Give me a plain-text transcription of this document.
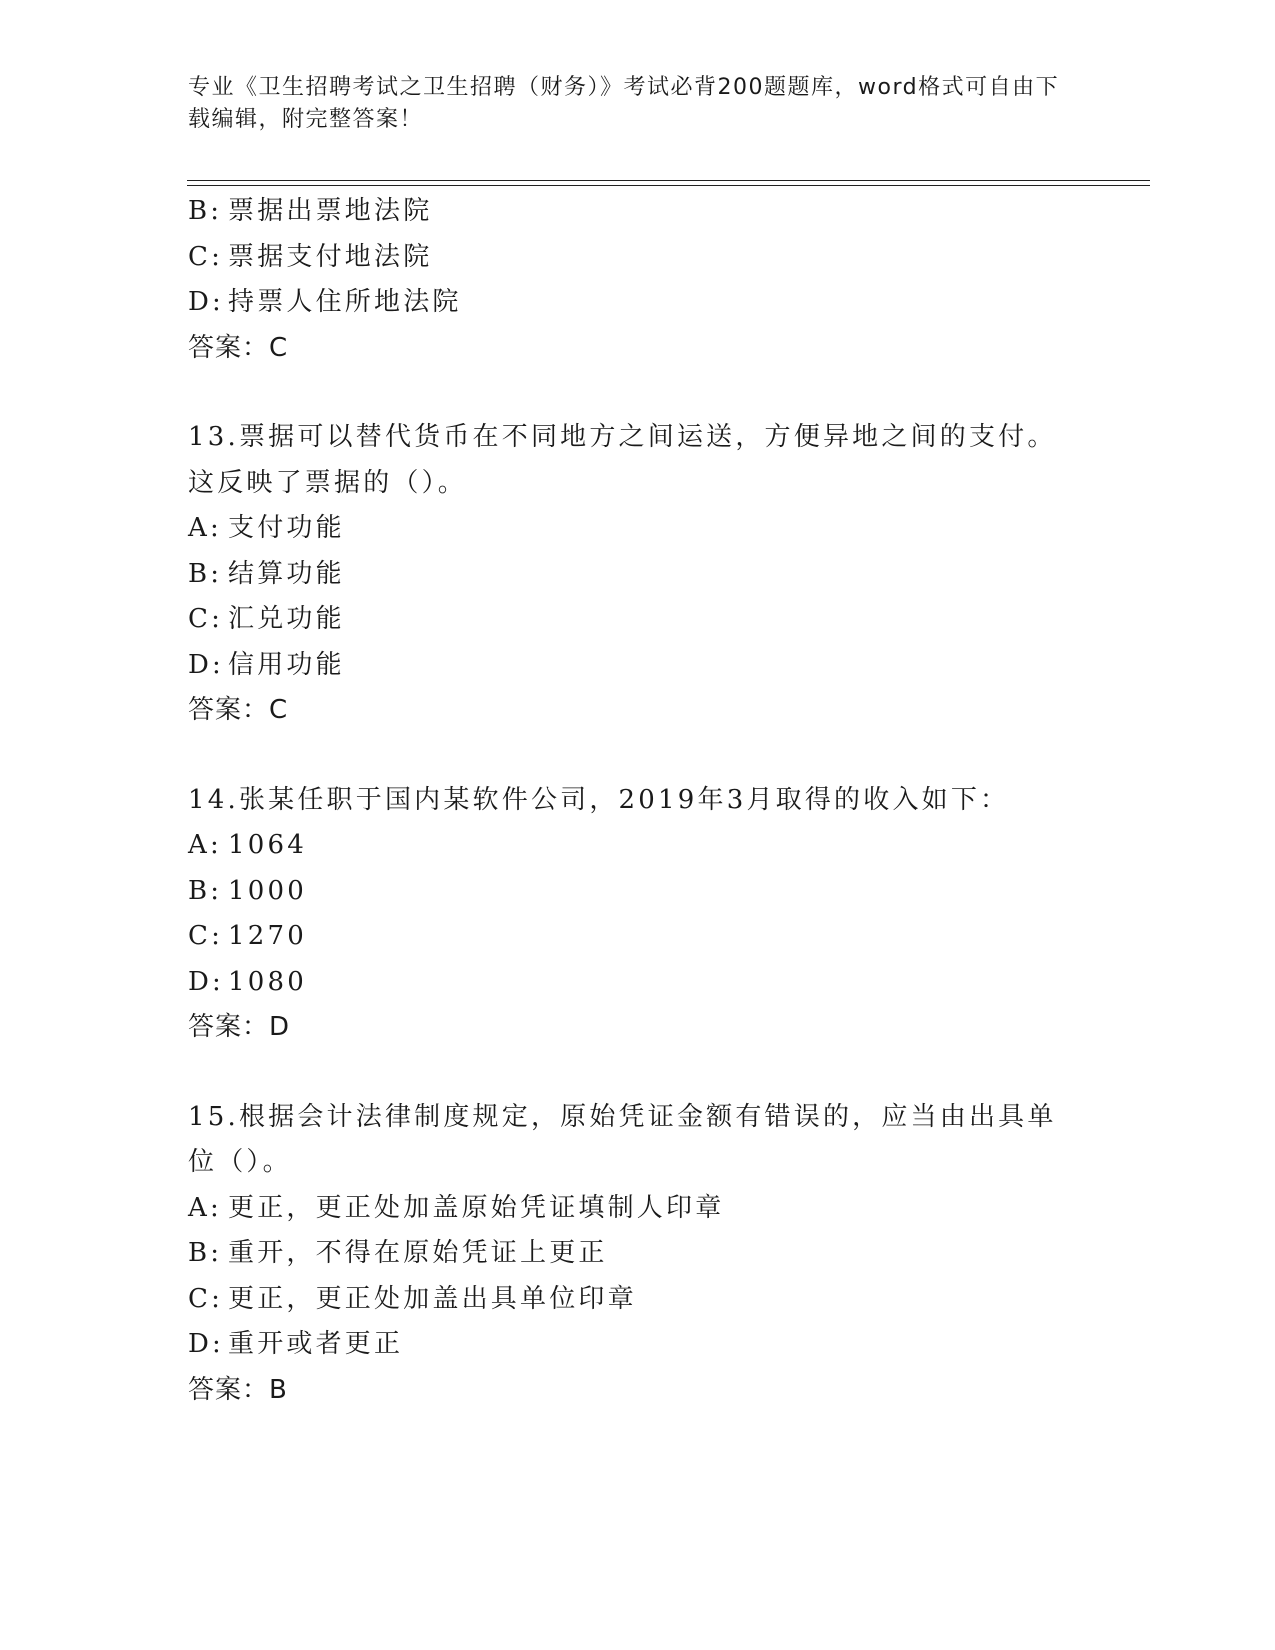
专业《卫生招聘考试之卫生招聘（财务）》考试必背200题题库，word格式可自由下载编辑，附完整答案！
B: 票据出票地法院
C: 票据支付地法院
D: 持票人住所地法院
答案：C
13.票据可以替代货币在不同地方之间运送，方便异地之间的支付。这反映了票据的（）。
A: 支付功能
B: 结算功能
C: 汇兑功能
D: 信用功能
答案：C
14.张某任职于国内某软件公司，2019年3月取得的收入如下：
A: 1064
B: 1000
C: 1270
D: 1080
答案：D
15.根据会计法律制度规定，原始凭证金额有错误的，应当由出具单位（）。
A: 更正，更正处加盖原始凭证填制人印章
B: 重开，不得在原始凭证上更正
C: 更正，更正处加盖出具单位印章
D: 重开或者更正
答案：B
